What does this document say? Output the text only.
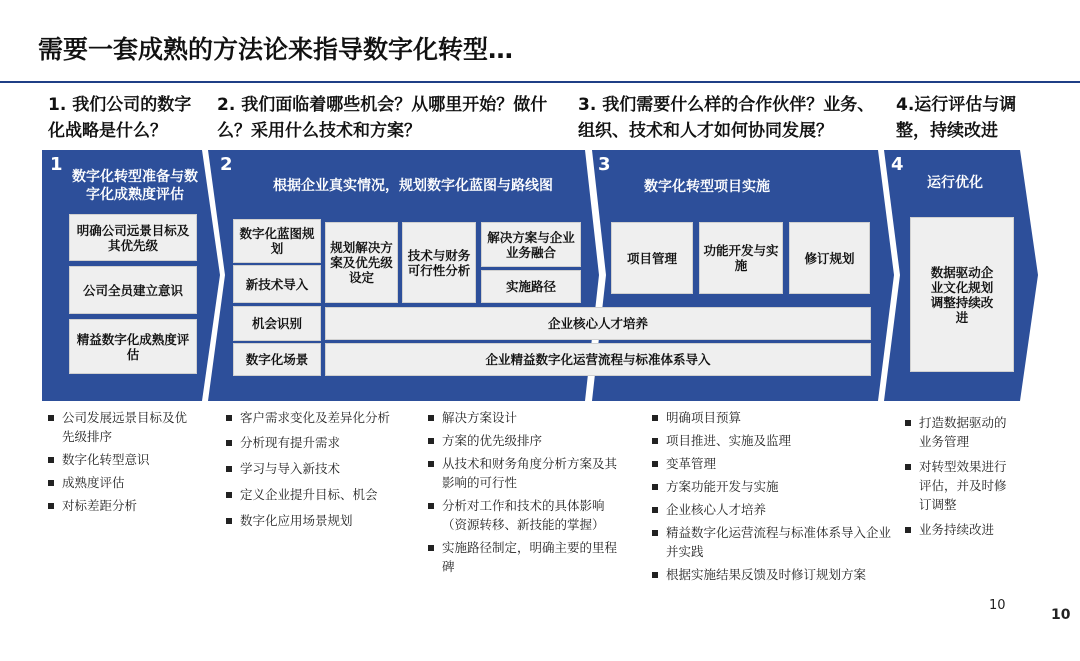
需要一套成熟的方法论来指导数字化转型…
1. 我们公司的数字化战略是什么？
2. 我们面临着哪些机会？从哪里开始？做什么？采用什么技术和方案？
3. 我们需要什么样的合作伙伴？业务、组织、技术和人才如何协同发展？
4.运行评估与调整，持续改进
1
数字化转型准备与数字化成熟度评估
明确公司远景目标及其优先级
公司全员建立意识
精益数字化成熟度评估
2
根据企业真实情况，规划数字化蓝图与路线图
数字化蓝图规划
新技术导入
机会识别
数字化场景
规划解决方案及优先级设定
技术与财务可行性分析
解决方案与企业业务融合
实施路径
企业核心人才培养
企业精益数字化运营流程与标准体系导入
3
数字化转型项目实施
项目管理	功能开发与实施	修订规划
4
运行优化
数据驱动企业文化规划调整持续改进
公司发展远景目标及优先级排序
数字化转型意识
成熟度评估
对标差距分析
客户需求变化及差异化分析
分析现有提升需求
学习与导入新技术
定义企业提升目标、机会
数字化应用场景规划
解决方案设计
方案的优先级排序
从技术和财务角度分析方案及其影响的可行性
分析对工作和技术的具体影响（资源转移、新技能的掌握）
实施路径制定，明确主要的里程碑
明确项目预算
项目推进、实施及监理
变革管理
方案功能开发与实施
企业核心人才培养
精益数字化运营流程与标准体系导入企业并实践
根据实施结果反馈及时修订规划方案
打造数据驱动的业务管理
对转型效果进行评估，并及时修订调整
业务持续改进
10
10
